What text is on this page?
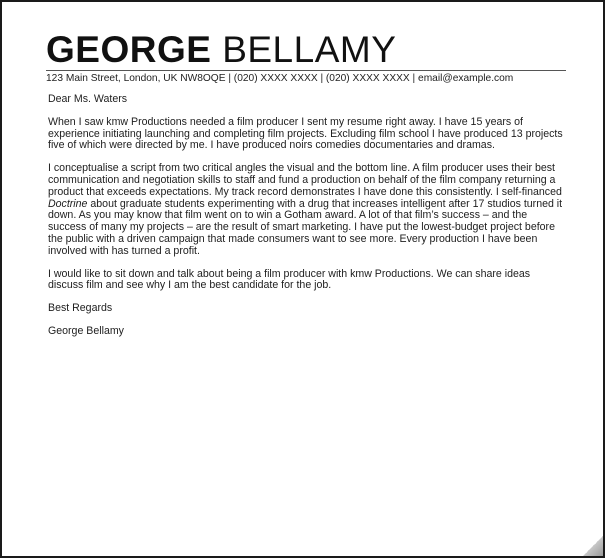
GEORGE BELLAMY
123 Main Street, London, UK NW8OQE | (020) XXXX XXXX | (020) XXXX XXXX | email@example.com

Dear Ms. Waters

When I saw kmw Productions needed a film producer I sent my resume right away. I have 15 years of experience initiating launching and completing film projects. Excluding film school I have produced 13 projects five of which were directed by me. I have produced noirs comedies documentaries and dramas.

I conceptualise a script from two critical angles the visual and the bottom line. A film producer uses their best communication and negotiation skills to staff and fund a production on behalf of the film company returning a product that exceeds expectations. My track record demonstrates I have done this consistently. I self-financed Doctrine about graduate students experimenting with a drug that increases intelligent after 17 studios turned it down. As you may know that film went on to win a Gotham award. A lot of that film’s success – and the success of many my projects – are the result of smart marketing. I have put the lowest-budget project before the public with a driven campaign that made consumers want to see more. Every production I have been involved with has turned a profit.

I would like to sit down and talk about being a film producer with kmw Productions. We can share ideas discuss film and see why I am the best candidate for the job.

Best Regards

George Bellamy
